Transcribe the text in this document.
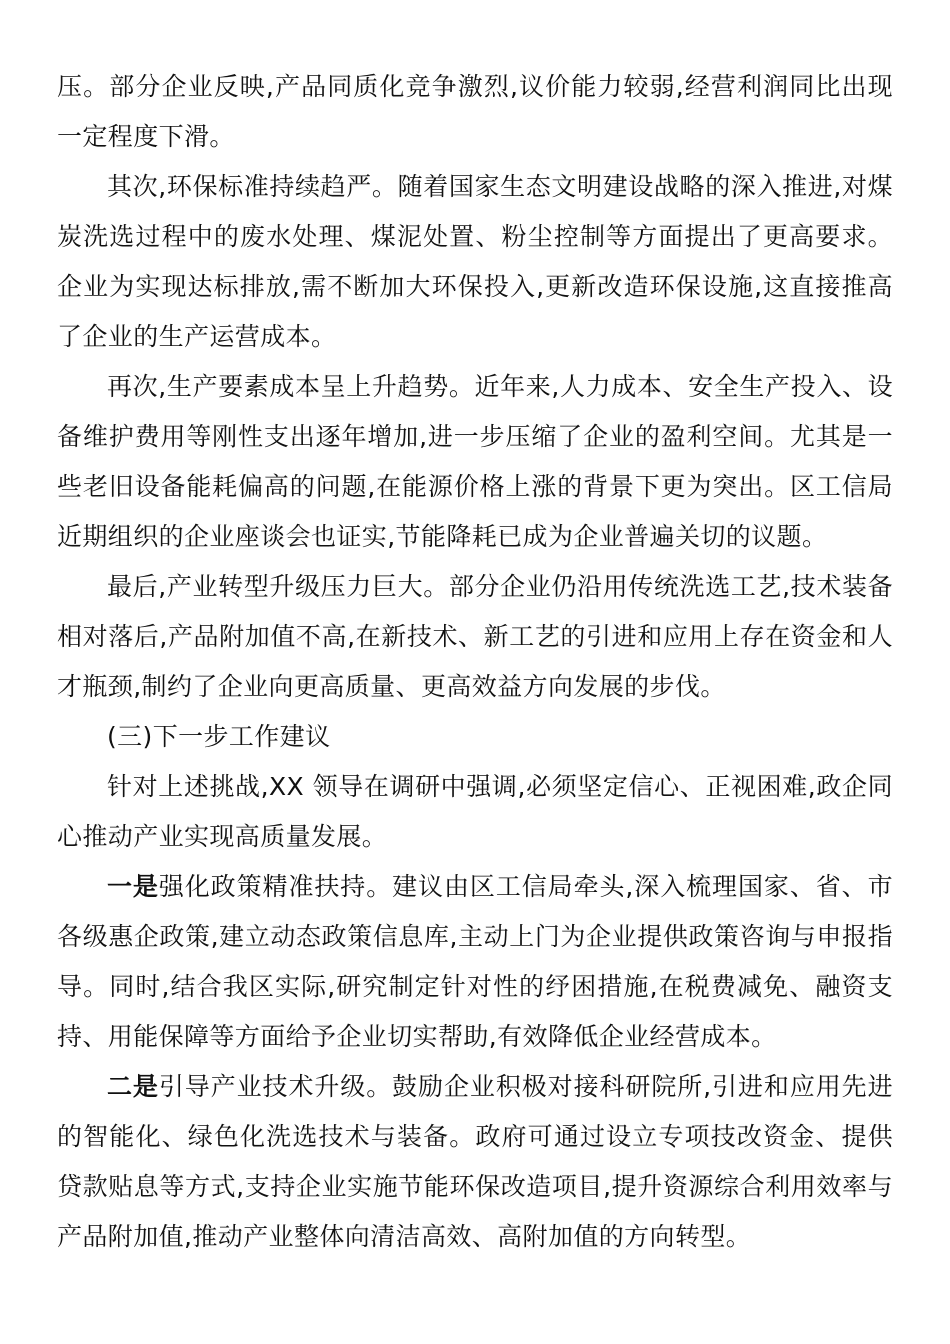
压。部分企业反映,产品同质化竞争激烈,议价能力较弱,经营利润同比出现一定程度下滑。

其次,环保标准持续趋严。随着国家生态文明建设战略的深入推进,对煤炭洗选过程中的废水处理、煤泥处置、粉尘控制等方面提出了更高要求。企业为实现达标排放,需不断加大环保投入,更新改造环保设施,这直接推高了企业的生产运营成本。

再次,生产要素成本呈上升趋势。近年来,人力成本、安全生产投入、设备维护费用等刚性支出逐年增加,进一步压缩了企业的盈利空间。尤其是一些老旧设备能耗偏高的问题,在能源价格上涨的背景下更为突出。区工信局近期组织的企业座谈会也证实,节能降耗已成为企业普遍关切的议题。

最后,产业转型升级压力巨大。部分企业仍沿用传统洗选工艺,技术装备相对落后,产品附加值不高,在新技术、新工艺的引进和应用上存在资金和人才瓶颈,制约了企业向更高质量、更高效益方向发展的步伐。

(三)下一步工作建议

针对上述挑战,XX 领导在调研中强调,必须坚定信心、正视困难,政企同心推动产业实现高质量发展。

一是强化政策精准扶持。建议由区工信局牵头,深入梳理国家、省、市各级惠企政策,建立动态政策信息库,主动上门为企业提供政策咨询与申报指导。同时,结合我区实际,研究制定针对性的纾困措施,在税费减免、融资支持、用能保障等方面给予企业切实帮助,有效降低企业经营成本。

二是引导产业技术升级。鼓励企业积极对接科研院所,引进和应用先进的智能化、绿色化洗选技术与装备。政府可通过设立专项技改资金、提供贷款贴息等方式,支持企业实施节能环保改造项目,提升资源综合利用效率与产品附加值,推动产业整体向清洁高效、高附加值的方向转型。
